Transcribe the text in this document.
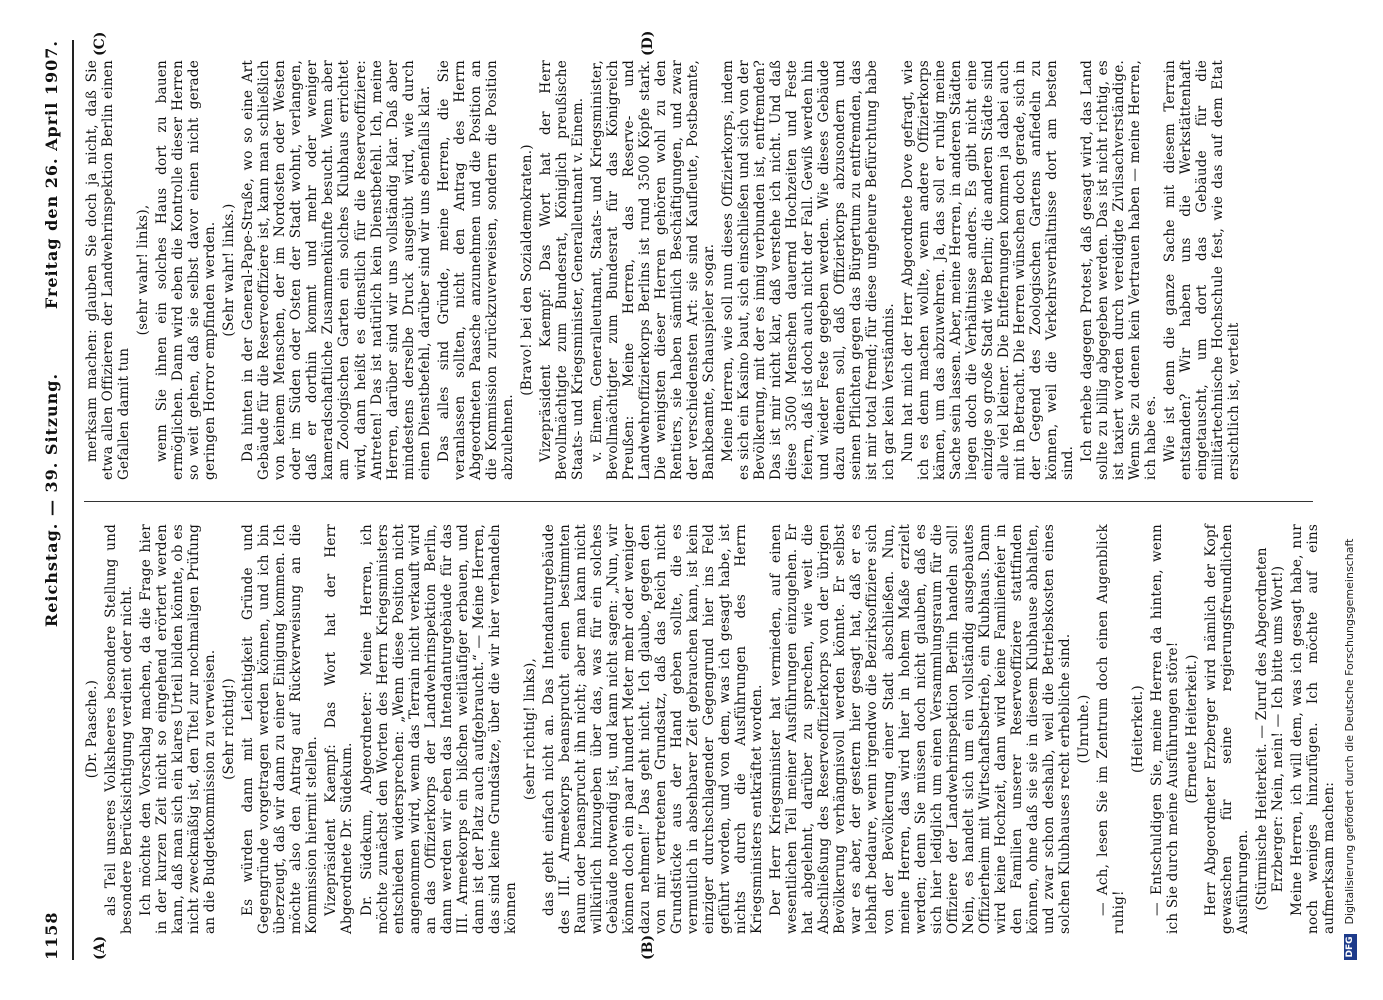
1158
Reichstag. — 39. Sitzung.
Freitag den 26. April 1907.
(A)	(B)
(C)	(D)

(Dr. Paasche.) als Teil unseres Volksheeres besondere Stellung und besondere Berücksichtigung verdient oder nicht. Ich möchte den Vorschlag machen, da die Frage hier in der kurzen Zeit nicht so eingehend erörtert werden kann, daß man sich ein klares Urteil bilden könnte, ob es nicht zweckmäßig ist, den Titel zur nochmaligen Prüfung an die Budgetkommission zu verweisen. (Sehr richtig!) Es würden dann mit Leichtigkeit Gründe und Gegengründe vorgetragen werden können, und ich bin überzeugt, daß wir dann zu einer Einigung kommen. Ich möchte also den Antrag auf Rückverweisung an die Kommission hiermit stellen. Vizepräsident Kaempf: Das Wort hat der Herr Abgeordnete Dr. Südekum. Dr. Südekum, Abgeordneter: Meine Herren, ich möchte zunächst den Worten des Herrn Kriegsministers entschieden widersprechen: „Wenn diese Position nicht angenommen wird, wenn das Terrain nicht verkauft wird an das Offizierkorps der Landwehrinspektion Berlin, dann werden wir eben das Intendanturgebäude für das III. Armeekorps ein bißchen weitläufiger erbauen, und dann ist der Platz auch aufgebraucht.“ — Meine Herren, das sind keine Grundsätze, über die wir hier verhandeln können

(sehr richtig! links), das geht einfach nicht an. Das Intendanturgebäude des III. Armeekorps beansprucht einen bestimmten Raum oder beansprucht ihn nicht; aber man kann nicht willkürlich hinzugeben über das, was für ein solches Gebäude notwendig ist, und kann nicht sagen: „Nun, wir können doch ein paar hundert Meter mehr oder weniger dazu nehmen!“ Das geht nicht. Ich glaube, gegen den von mir vertretenen Grundsatz, daß das Reich nicht Grundstücke aus der Hand geben sollte, die es vermutlich in absehbarer Zeit gebrauchen kann, ist kein einziger durchschlagender Gegengrund hier ins Feld geführt worden, und von dem, was ich gesagt habe, ist nichts durch die Ausführungen des Herrn Kriegsministers entkräftet worden. Der Herr Kriegsminister hat vermieden, auf einen wesentlichen Teil meiner Ausführungen einzugehen. Er hat abgelehnt, darüber zu sprechen, wie weit die Abschließung des Reserveoffizierkorps von der übrigen Bevölkerung verhängnisvoll werden könnte. Er selbst war es aber, der gestern hier gesagt hat, daß er es lebhaft bedaure, wenn irgendwo die Bezirksoffiziere sich von der Bevölkerung einer Stadt abschließen. Nun, meine Herren, das wird hier in hohem Maße erzielt werden; denn Sie müssen doch nicht glauben, daß es sich hier lediglich um einen Versammlungsraum für die Offiziere der Landwehrinspektion Berlin handeln soll! Nein, es handelt sich um ein vollständig ausgebautes Offizierheim mit Wirtschaftsbetrieb, ein Klubhaus. Dann wird keine Hochzeit, dann wird keine Familienfeier in den Familien unserer Reserveoffiziere stattfinden können, ohne daß sie sie in diesem Klubhause abhalten, und zwar schon deshalb, weil die Betriebskosten eines solchen Klubhauses recht erhebliche sind. (Unruhe.) — Ach, lesen Sie im Zentrum doch einen Augenblick ruhig!

(Heiterkeit.) — Entschuldigen Sie, meine Herren da hinten, wenn ich Sie durch meine Ausführungen störe! (Erneute Heiterkeit.) Herr Abgeordneter Erzberger wird nämlich der Kopf gewaschen für seine regierungsfreundlichen Ausführungen. (Stürmische Heiterkeit. — Zuruf des Abgeordneten Erzberger: Nein, nein! — Ich bitte ums Wort!) Meine Herren, ich will dem, was ich gesagt habe, nur noch weniges hinzufügen. Ich möchte auf eins aufmerksam machen:

merksam machen: glauben Sie doch ja nicht, daß Sie etwa allen Offizieren der Landwehrinspektion Berlin einen Gefallen damit tun

(sehr wahr! links), wenn Sie ihnen ein solches Haus dort zu bauen ermöglichen. Dann wird eben die Kontrolle dieser Herren so weit gehen, daß sie selbst davor einen nicht gerade geringen Horror empfinden werden. (Sehr wahr! links.) Da hinten in der General-Pape-Straße, wo so eine Art Gebäude für die Reserveoffiziere ist, kann man schließlich von keinem Menschen, der im Nordosten oder Westen oder im Süden oder Osten der Stadt wohnt, verlangen, daß er dorthin kommt und mehr oder weniger kameradschaftliche Zusammenkünfte besucht. Wenn aber am Zoologischen Garten ein solches Klubhaus errichtet wird, dann heißt es dienstlich für die Reserveoffiziere: Antreten! Das ist natürlich kein Dienstbefehl. Ich, meine Herren, darüber sind wir uns vollständig klar. Daß aber mindestens derselbe Druck ausgeübt wird, wie durch einen Dienstbefehl, darüber sind wir uns ebenfalls klar. Das alles sind Gründe, meine Herren, die Sie veranlassen sollten, nicht den Antrag des Herrn Abgeordneten Paasche anzunehmen und die Position an die Kommission zurückzuverweisen, sondern die Position abzulehnen.

(Bravo! bei den Sozialdemokraten.) Vizepräsident Kaempf: Das Wort hat der Herr Bevollmächtigte zum Bundesrat, Königlich preußische Staats- und Kriegsminister, Generalleutnant v. Einem. v. Einem, Generalleutnant, Staats- und Kriegsminister, Bevollmächtigter zum Bundesrat für das Königreich Preußen: Meine Herren, das Reserve- und Landwehroffizierkorps Berlins ist rund 3500 Köpfe stark. Die wenigsten dieser Herren gehören wohl zu den Rentiers, sie haben sämtlich Beschäftigungen, und zwar der verschiedensten Art: sie sind Kaufleute, Postbeamte, Bankbeamte, Schauspieler sogar. Meine Herren, wie soll nun dieses Offizierkorps, indem es sich ein Kasino baut, sich einschließen und sich von der Bevölkerung, mit der es innig verbunden ist, entfremden? Das ist mir nicht klar, daß verstehe ich nicht. Und daß diese 3500 Menschen dauernd Hochzeiten und Feste feiern, daß ist doch auch nicht der Fall. Gewiß werden hin und wieder Feste gegeben werden. Wie dieses Gebäude dazu dienen soll, daß Offizierkorps abzusondern und seinen Pflichten gegen das Bürgertum zu entfremden, das ist mir total fremd; für diese ungeheure Befürchtung habe ich gar kein Verständnis. Nun hat mich der Herr Abgeordnete Dove gefragt, wie ich es denn machen wollte, wenn andere Offizierkorps kämen, um das abzuwehren. Ja, das soll er ruhig meine Sache sein lassen. Aber, meine Herren, in anderen Städten liegen doch die Verhältnisse anders. Es gibt nicht eine einzige so große Stadt wie Berlin; die anderen Städte sind alle viel kleiner. Die Entfernungen kommen ja dabei auch mit in Betracht. Die Herren wünschen doch gerade, sich in der Gegend des Zoologischen Gartens anfiedeln zu können, weil die Verkehrsverhältnisse dort am besten sind.

Ich erhebe dagegen Protest, daß gesagt wird, das Land sollte zu billig abgegeben werden. Das ist nicht richtig, es ist taxiert worden durch vereidigte Zivilsachverständige. Wenn Sie zu denen kein Vertrauen haben — meine Herren, ich habe es. Wie ist denn die ganze Sache mit diesem Terrain entstanden? Wir haben uns die Werkstättenhaft eingetauscht, um dort das Gebäude für die militärtechnische Hochschule fest, wie das auf dem Etat ersichtlich ist, verteilt

DFG Digitalisierung gefördert durch die Deutsche Forschungsgemeinschaft
